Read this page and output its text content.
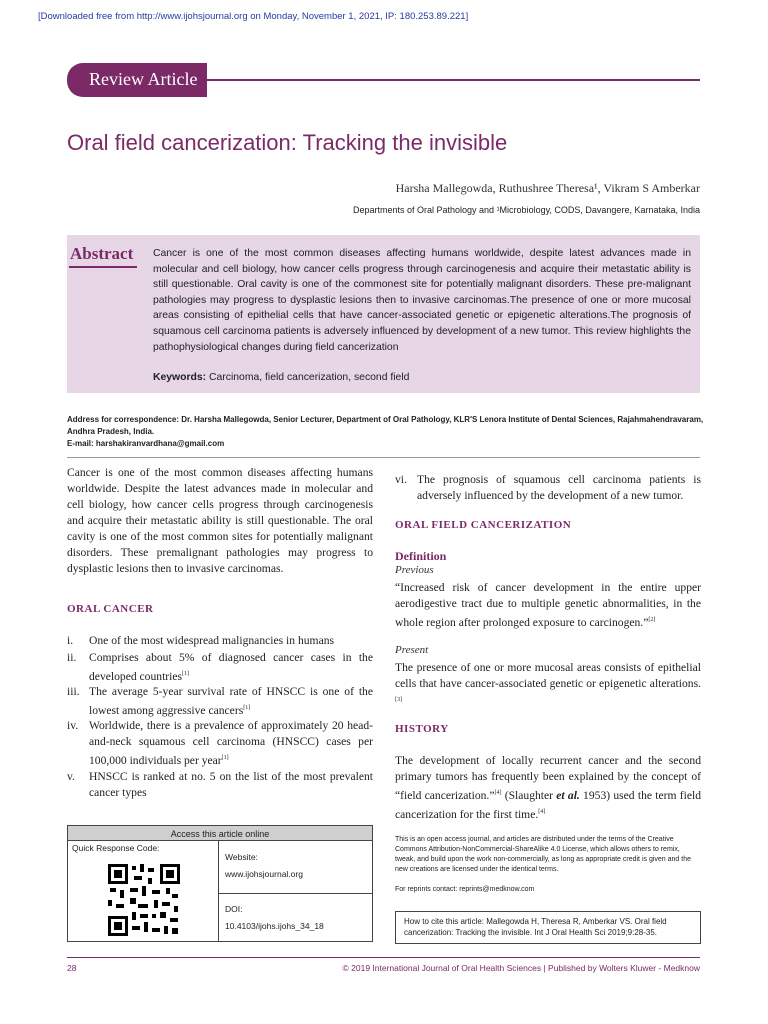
[Downloaded free from http://www.ijohsjournal.org on Monday, November 1, 2021, IP: 180.253.89.221]
Review Article
Oral field cancerization: Tracking the invisible
Harsha Mallegowda, Ruthushree Theresa¹, Vikram S Amberkar
Departments of Oral Pathology and ¹Microbiology, CODS, Davangere, Karnataka, India
Abstract Cancer is one of the most common diseases affecting humans worldwide, despite latest advances made in molecular and cell biology, how cancer cells progress through carcinogenesis and acquire their metastatic ability is still questionable. Oral cavity is one of the commonest site for potentially malignant disorders. These pre-malignant pathologies may progress to dysplastic lesions then to invasive carcinomas.The presence of one or more mucosal areas consisting of epithelial cells that have cancer-associated genetic or epigenetic alterations.The prognosis of squamous cell carcinoma patients is adversely influenced by development of a new tumor. This review highlights the pathophysiological changes during field cancerization
Keywords: Carcinoma, field cancerization, second field
Address for correspondence: Dr. Harsha Mallegowda, Senior Lecturer, Department of Oral Pathology, KLR'S Lenora Institute of Dental Sciences, Rajahmahendravaram, Andhra Pradesh, India.
E-mail: harshakiranvardhana@gmail.com
Cancer is one of the most common diseases affecting humans worldwide. Despite the latest advances made in molecular and cell biology, how cancer cells progress through carcinogenesis and acquire their metastatic ability is still questionable. The oral cavity is one of the most common sites for potentially malignant disorders. These premalignant pathologies may progress to dysplastic lesions then to invasive carcinomas.
ORAL CANCER
i. One of the most widespread malignancies in humans
ii. Comprises about 5% of diagnosed cancer cases in the developed countries[1]
iii. The average 5-year survival rate of HNSCC is one of the lowest among aggressive cancers[1]
iv. Worldwide, there is a prevalence of approximately 20 head-and-neck squamous cell carcinoma (HNSCC) cases per 100,000 individuals per year[1]
v. HNSCC is ranked at no. 5 on the list of the most prevalent cancer types
Access this article online
Quick Response Code:
Website:
www.ijohsjournal.org
DOI:
10.4103/ijohs.ijohs_34_18
vi. The prognosis of squamous cell carcinoma patients is adversely influenced by the development of a new tumor.
ORAL FIELD CANCERIZATION
Definition
Previous
“Increased risk of cancer development in the entire upper aerodigestive tract due to multiple genetic abnormalities, in the whole region after prolonged exposure to carcinogen.”[2]
Present
The presence of one or more mucosal areas consists of epithelial cells that have cancer-associated genetic or epigenetic alterations.[3]
HISTORY
The development of locally recurrent cancer and the second primary tumors has frequently been explained by the concept of “field cancerization.”[4] (Slaughter et al. 1953) used the term field cancerization for the first time.[4]
This is an open access journal, and articles are distributed under the terms of the Creative Commons Attribution-NonCommercial-ShareAlike 4.0 License, which allows others to remix, tweak, and build upon the work non-commercially, as long as appropriate credit is given and the new creations are licensed under the identical terms.

For reprints contact: reprints@medknow.com
How to cite this article: Mallegowda H, Theresa R, Amberkar VS. Oral field cancerization: Tracking the invisible. Int J Oral Health Sci 2019;9:28-35.
28	© 2019 International Journal of Oral Health Sciences | Published by Wolters Kluwer - Medknow
